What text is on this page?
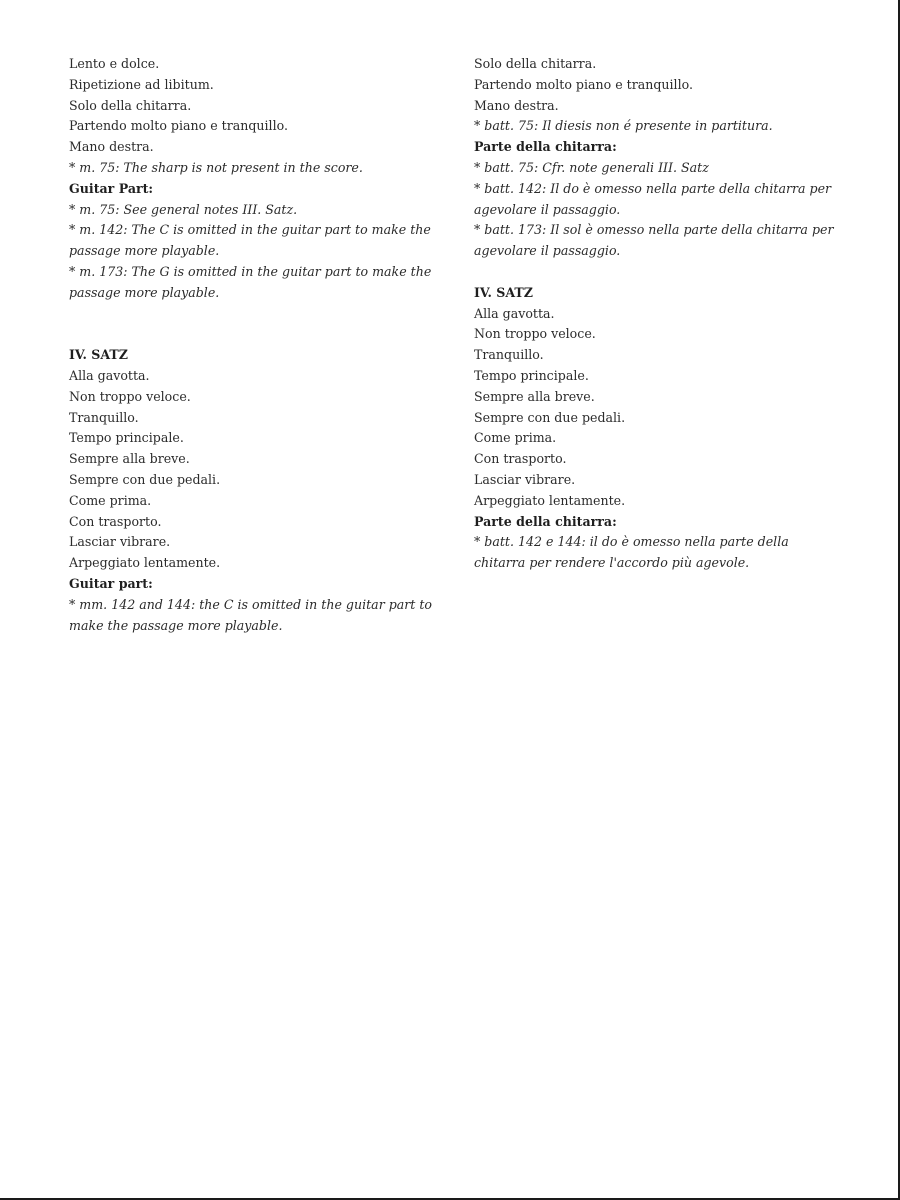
Lento e dolce.
Ripetizione ad libitum.
Solo della chitarra.
Partendo molto piano e tranquillo.
Mano destra.
* m. 75: The sharp is not present in the score.
Guitar Part:
* m. 75: See general notes III. Satz.
* m. 142: The C is omitted in the guitar part to make the passage more playable.
* m. 173: The G is omitted in the guitar part to make the passage more playable.
IV. SATZ
Alla gavotta.
Non troppo veloce.
Tranquillo.
Tempo principale.
Sempre alla breve.
Sempre con due pedali.
Come prima.
Con trasporto.
Lasciar vibrare.
Arpeggiato lentamente.
Guitar part:
* mm. 142 and 144: the C is omitted in the guitar part to make the passage more playable.
Solo della chitarra.
Partendo molto piano e tranquillo.
Mano destra.
* batt. 75: Il diesis non é presente in partitura.
Parte della chitarra:
* batt. 75: Cfr. note generali III. Satz
* batt. 142: Il do è omesso nella parte della chitarra per agevolare il passaggio.
* batt. 173: Il sol è omesso nella parte della chitarra per agevolare il passaggio.
IV. SATZ
Alla gavotta.
Non troppo veloce.
Tranquillo.
Tempo principale.
Sempre alla breve.
Sempre con due pedali.
Come prima.
Con trasporto.
Lasciar vibrare.
Arpeggiato lentamente.
Parte della chitarra:
* batt. 142 e 144: il do è omesso nella parte della chitarra per rendere l'accordo più agevole.
